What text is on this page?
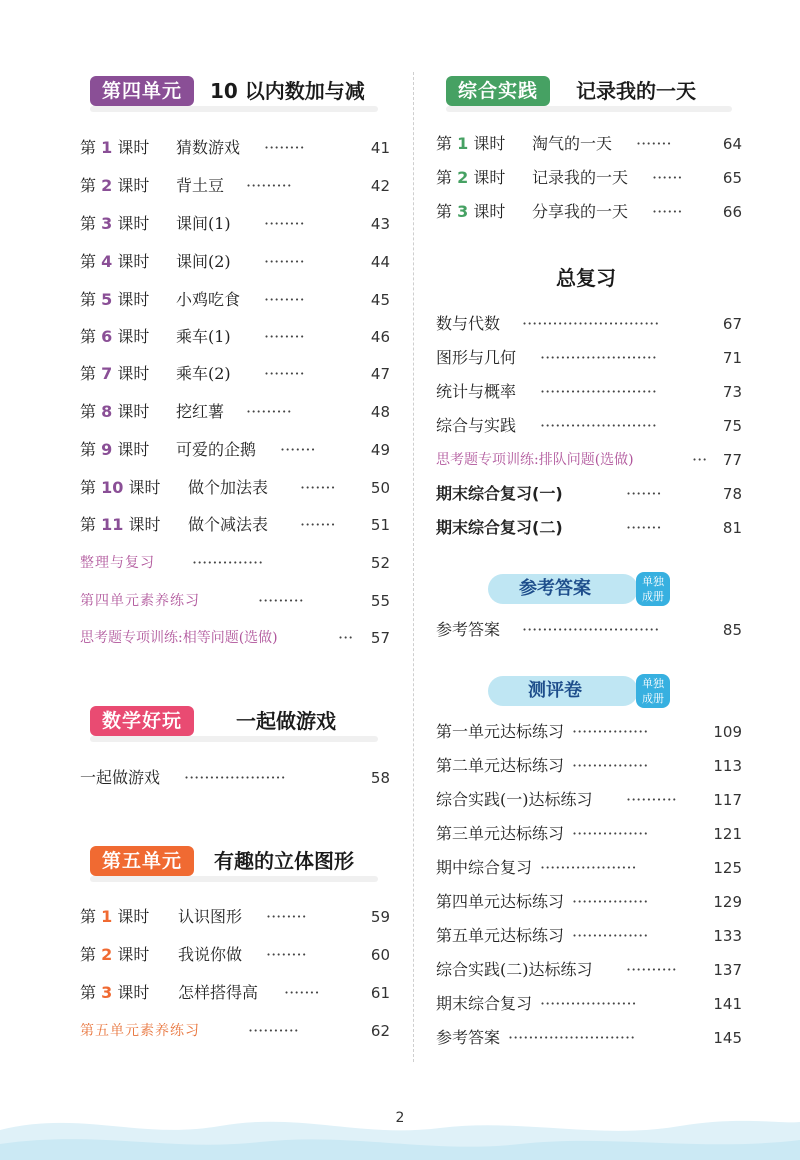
第四单元	10 以内数加与减
第 1 课时 猜数游戏 ········	41
第 2 课时 背土豆 ·········	42
第 3 课时 课间(1) ········	43
第 4 课时 课间(2) ········	44
第 5 课时 小鸡吃食 ········	45
第 6 课时 乘车(1) ········	46
第 7 课时 乘车(2) ········	47
第 8 课时 挖红薯 ·········	48
第 9 课时 可爱的企鹅 ·······	49
第 10 课时 做个加法表 ······· 50
第 11 课时 做个减法表 ······· 51
整理与复习 ··············	52
第四单元素养练习	·········	55
思考题专项训练:相等问题(选做)	··· 57
数学好玩	一起做游戏
一起做游戏 ····················	58
第五单元	有趣的立体图形
第 1 课时 认识图形 ········	59
第 2 课时 我说你做 ········	60
第 3 课时 怎样搭得高 ·······	61
第五单元素养练习	··········	62
综合实践	记录我的一天
第 1 课时 淘气的一天 ·······	64
第 2 课时 记录我的一天 ······	65
第 3 课时 分享我的一天 ······	66
总复习
数与代数 ···························	67
图形与几何 ·······················	71
统计与概率 ·······················	73
综合与实践 ·······················	75
思考题专项训练:排队问题(选做)	··· 77
期末综合复习(一)	·······	78
期末综合复习(二)	·······	81
参考答案	单独
成册
参考答案 ···························	85
测评卷	单独
成册
第一单元达标练习 ···············	109
第二单元达标练习 ···············	113
综合实践(一)达标练习 ·········· 117
第三单元达标练习 ···············	121
期中综合复习 ···················	125
第四单元达标练习 ···············	129
第五单元达标练习 ···············	133
综合实践(二)达标练习 ·········· 137
期末综合复习 ···················	141
参考答案 ·························	145
2
